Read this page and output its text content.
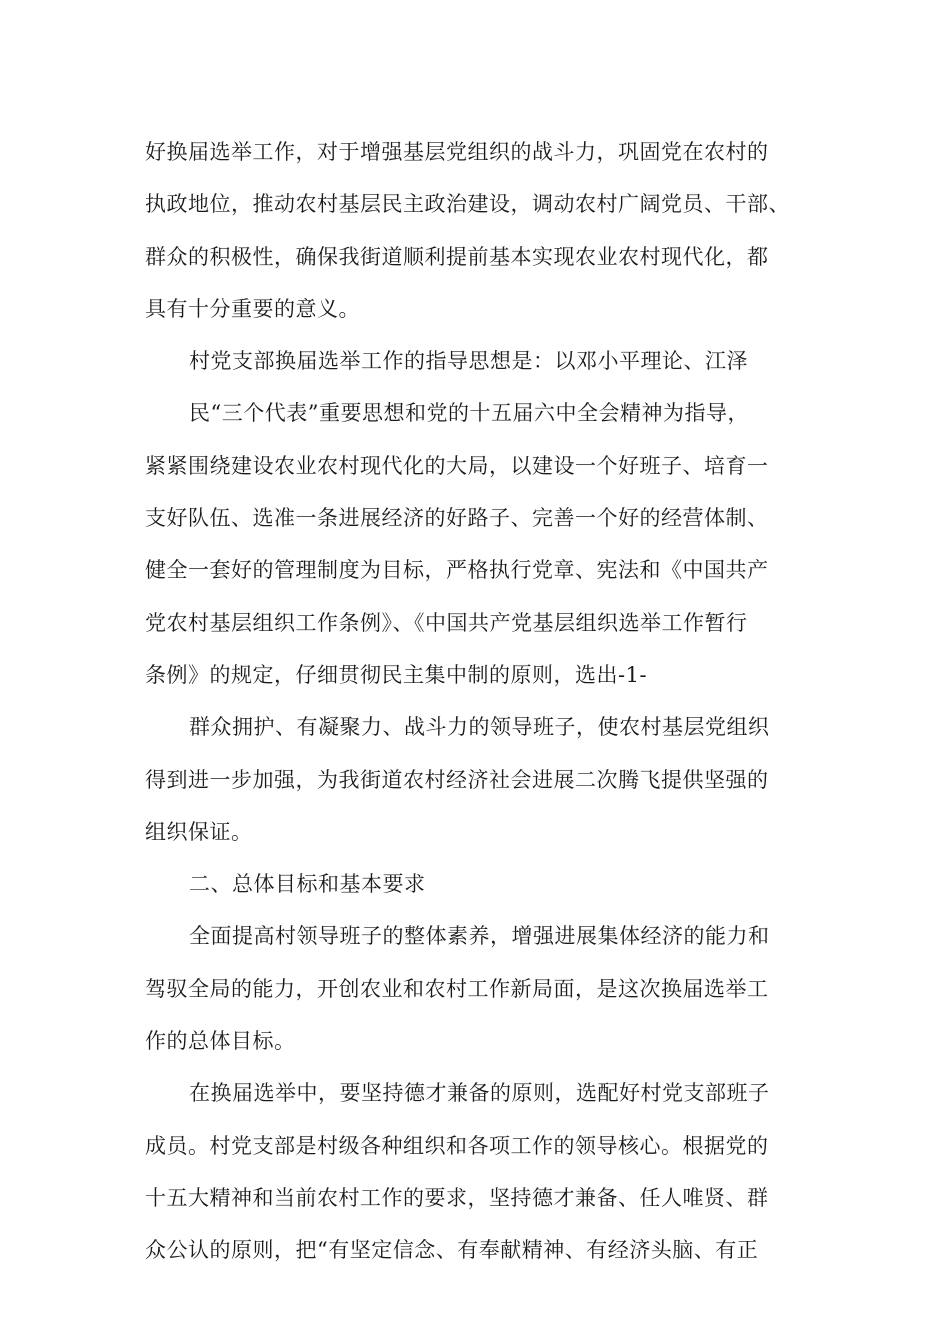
好换届选举工作，对于增强基层党组织的战斗力，巩固党在农村的
执政地位，推动农村基层民主政治建设，调动农村广阔党员、干部、
群众的积极性，确保我街道顺利提前基本实现农业农村现代化，都
具有十分重要的意义。
村党支部换届选举工作的指导思想是：以邓小平理论、江泽
民“三个代表”重要思想和党的十五届六中全会精神为指导，
紧紧围绕建设农业农村现代化的大局，以建设一个好班子、培育一
支好队伍、选准一条进展经济的好路子、完善一个好的经营体制、
健全一套好的管理制度为目标，严格执行党章、宪法和《中国共产
党农村基层组织工作条例》、《中国共产党基层组织选举工作暂行
条例》的规定，仔细贯彻民主集中制的原则，选出-1-
群众拥护、有凝聚力、战斗力的领导班子，使农村基层党组织
得到进一步加强，为我街道农村经济社会进展二次腾飞提供坚强的
组织保证。
二、总体目标和基本要求
全面提高村领导班子的整体素养，增强进展集体经济的能力和
驾驭全局的能力，开创农业和农村工作新局面，是这次换届选举工
作的总体目标。
在换届选举中，要坚持德才兼备的原则，选配好村党支部班子
成员。村党支部是村级各种组织和各项工作的领导核心。根据党的
十五大精神和当前农村工作的要求，坚持德才兼备、任人唯贤、群
众公认的原则，把“有坚定信念、有奉献精神、有经济头脑、有正
